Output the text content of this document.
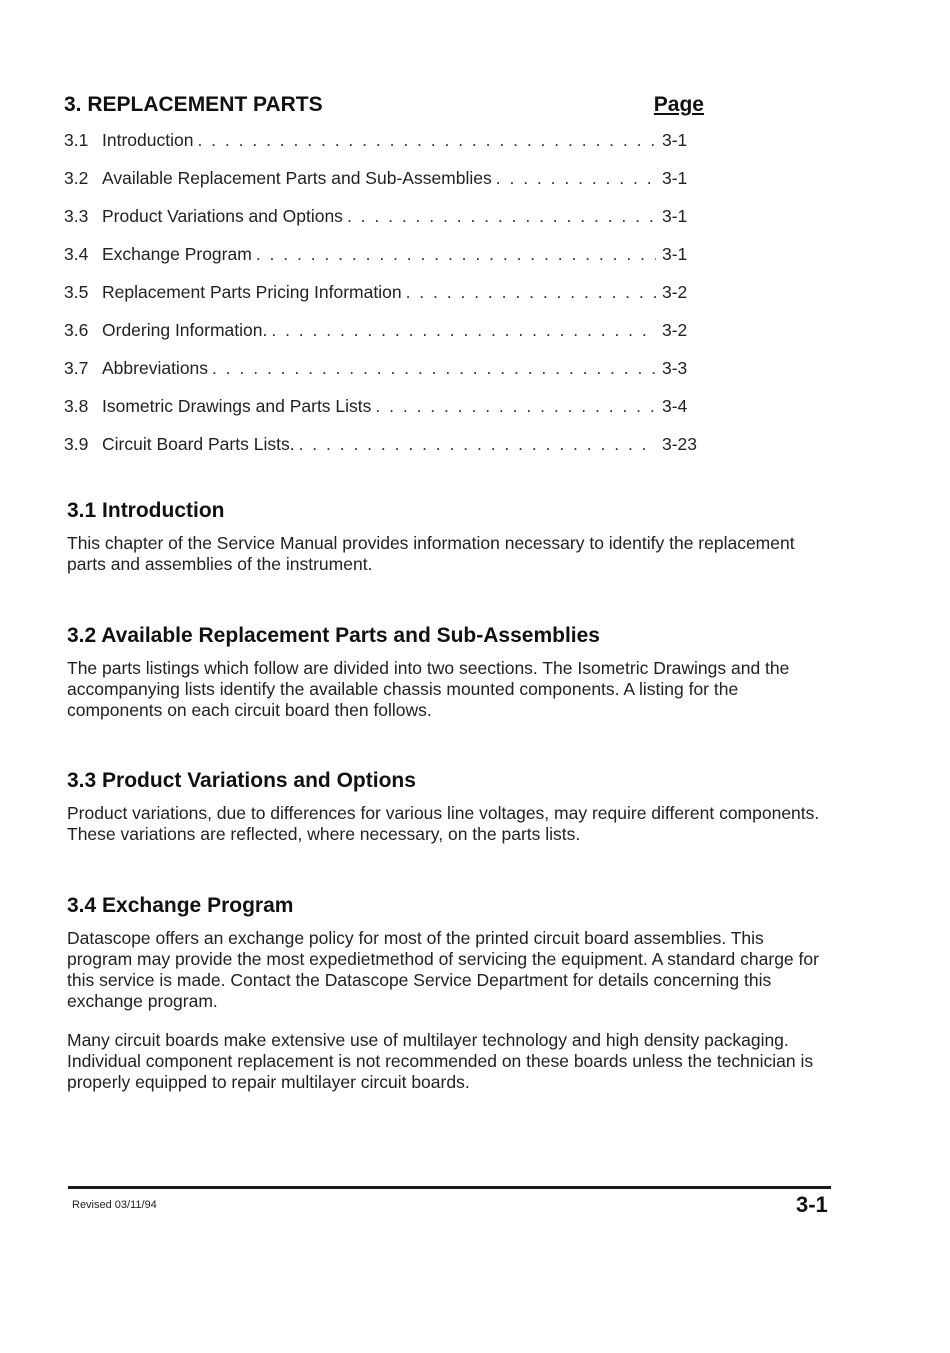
3. REPLACEMENT PARTS	Page
3.1 Introduction . . .	3-1
3.2 Available Replacement Parts and Sub-Assemblies . . .	3-1
3.3 Product Variations and Options . . .	3-1
3.4 Exchange Program . . .	3-1
3.5 Replacement Parts Pricing Information . . .	3-2
3.6 Ordering Information. . . .	3-2
3.7 Abbreviations . . .	3-3
3.8 Isometric Drawings and Parts Lists . . .	3-4
3.9 Circuit Board Parts Lists. . . .	3-23
3.1 Introduction

This chapter of the Service Manual provides information necessary to identify the replacement parts and assemblies of the instrument.

3.2 Available Replacement Parts and Sub-Assemblies

The parts listings which follow are divided into two seections. The Isometric Drawings and the accompanying lists identify the available chassis mounted components. A listing for the components on each circuit board then follows.

3.3 Product Variations and Options

Product variations, due to differences for various line voltages, may require different components. These variations are reflected, where necessary, on the parts lists.

3.4 Exchange Program

Datascope offers an exchange policy for most of the printed circuit board assemblies. This program may provide the most expedietmethod of servicing the equipment. A standard charge for this service is made. Contact the Datascope Service Department for details concerning this exchange program.

Many circuit boards make extensive use of multilayer technology and high density packaging. Individual component replacement is not recommended on these boards unless the technician is properly equipped to repair multilayer circuit boards.

Revised 03/11/94	3-1
